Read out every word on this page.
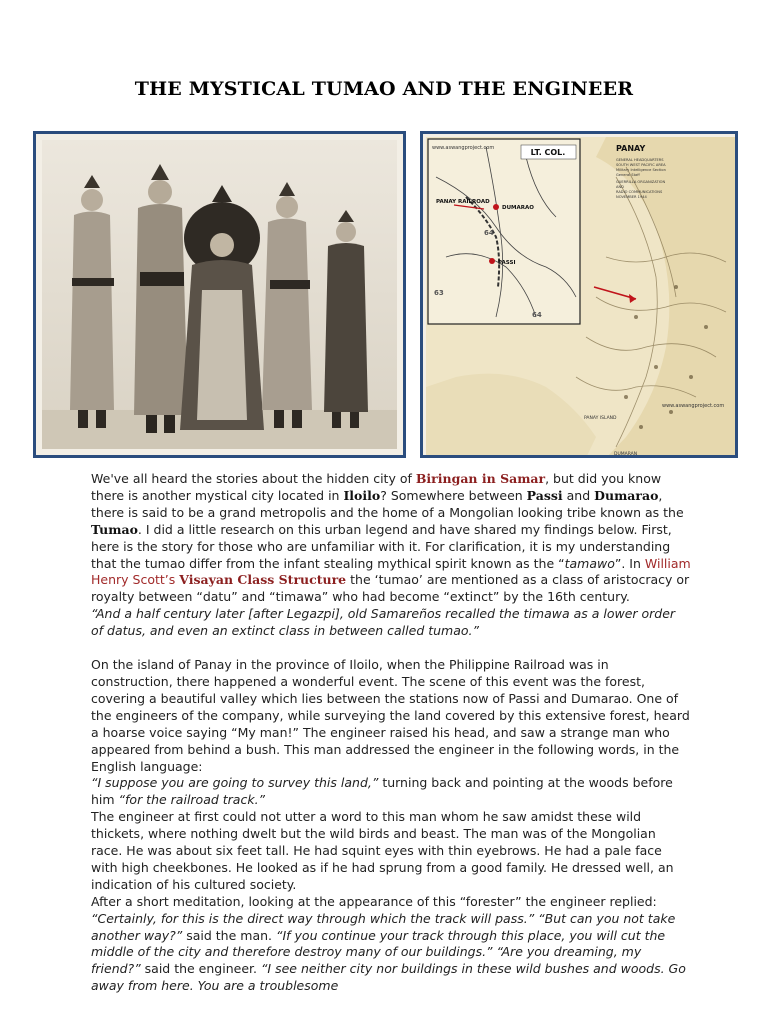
THE MYSTICAL TUMAO AND THE ENGINEER
LT. COL.
www.aswangproject.com
PANAY RAILROAD
DUMARAO
PASSI
63
64
64
PANAY
GENERAL HEADQUARTERS
SOUTH WEST PACIFIC AREA
Military Intelligence Section
General Staff
GUERRILLA ORGANIZATION
AND
RADIO COMMUNICATIONS
NOVEMBER 1944
PANAY ISLAND
DUMARAN
www.aswangproject.com

We've all heard the stories about the hidden city of Biringan in Samar, but did you know there is another mystical city located in Iloilo? Somewhere between Passi and Dumarao, there is said to be a grand metropolis and the home of a Mongolian looking tribe known as the Tumao. I did a little research on this urban legend and have shared my findings below. First, here is the story for those who are unfamiliar with it. For clarification, it is my understanding that the tumao differ from the infant stealing mythical spirit known as the “tamawo”. In William Henry Scott’s Visayan Class Structure the ‘tumao’ are mentioned as a class of aristocracy or royalty between “datu” and “timawa” who had become “extinct” by the 16th century.

“And a half century later [after Legazpi], old Samareños recalled the timawa as a lower order of datus, and even an extinct class in between called tumao.”

On the island of Panay in the province of Iloilo, when the Philippine Railroad was in construction, there happened a wonderful event. The scene of this event was the forest, covering a beautiful valley which lies between the stations now of Passi and Dumarao. One of the engineers of the company, while surveying the land covered by this extensive forest, heard a hoarse voice saying “My man!” The engineer raised his head, and saw a strange man who appeared from behind a bush. This man addressed the engineer in the following words, in the English language:

“I suppose you are going to survey this land,” turning back and pointing at the woods before him “for the railroad track.”

The engineer at first could not utter a word to this man whom he saw amidst these wild thickets, where nothing dwelt but the wild birds and beast. The man was of the Mongolian race. He was about six feet tall. He had squint eyes with thin eyebrows. He had a pale face with high cheekbones. He looked as if he had sprung from a good family. He dressed well, an indication of his cultured society.

After a short meditation, looking at the appearance of this “forester” the engineer replied: “Certainly, for this is the direct way through which the track will pass.” “But can you not take another way?” said the man. “If you continue your track through this place, you will cut the middle of the city and therefore destroy many of our buildings.” “Are you dreaming, my friend?” said the engineer. “I see neither city nor buildings in these wild bushes and woods. Go away from here. You are a troublesome
